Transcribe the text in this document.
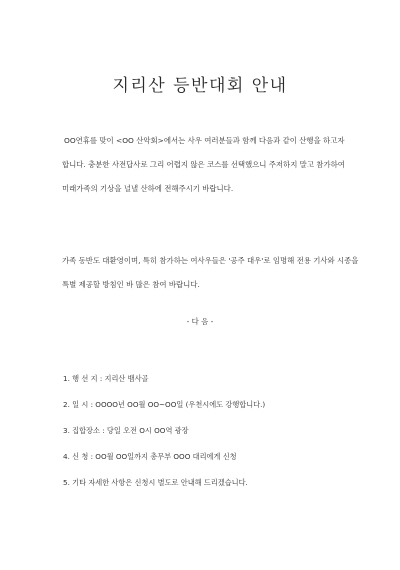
지리산 등반대회 안내

OO연휴를 맞이 <OO 산악회>에서는 사우 여러분들과 함께 다음과 같이 산행을 하고자 합니다. 충분한 사전답사로 그리 어렵지 않은 코스를 선택했으니 주저하지 말고 참가하여 미래가족의 기상을 널낼 산하에 전해주시기 바랍니다.

가족 동반도 대환영이며, 특히 참가하는 여사우들은 '공주 대우'로 임명해 전용 기사와 시종을 특별 제공할 방침인 바 많은 참여 바랍니다.

- 다 음 -
1. 행 선 지 : 지리산 뱀사골
2. 일 시 : OOOO년 OO월 OO~OO일 (우천시에도 강행합니다.)
3. 집합장소 : 당일 오전 O시 OO역 광장
4. 신 청 : OO월 OO일까지 총무부 OOO 대리에게 신청
5. 기타 자세한 사항은 신청시 별도로 안내해 드리겠습니다.
